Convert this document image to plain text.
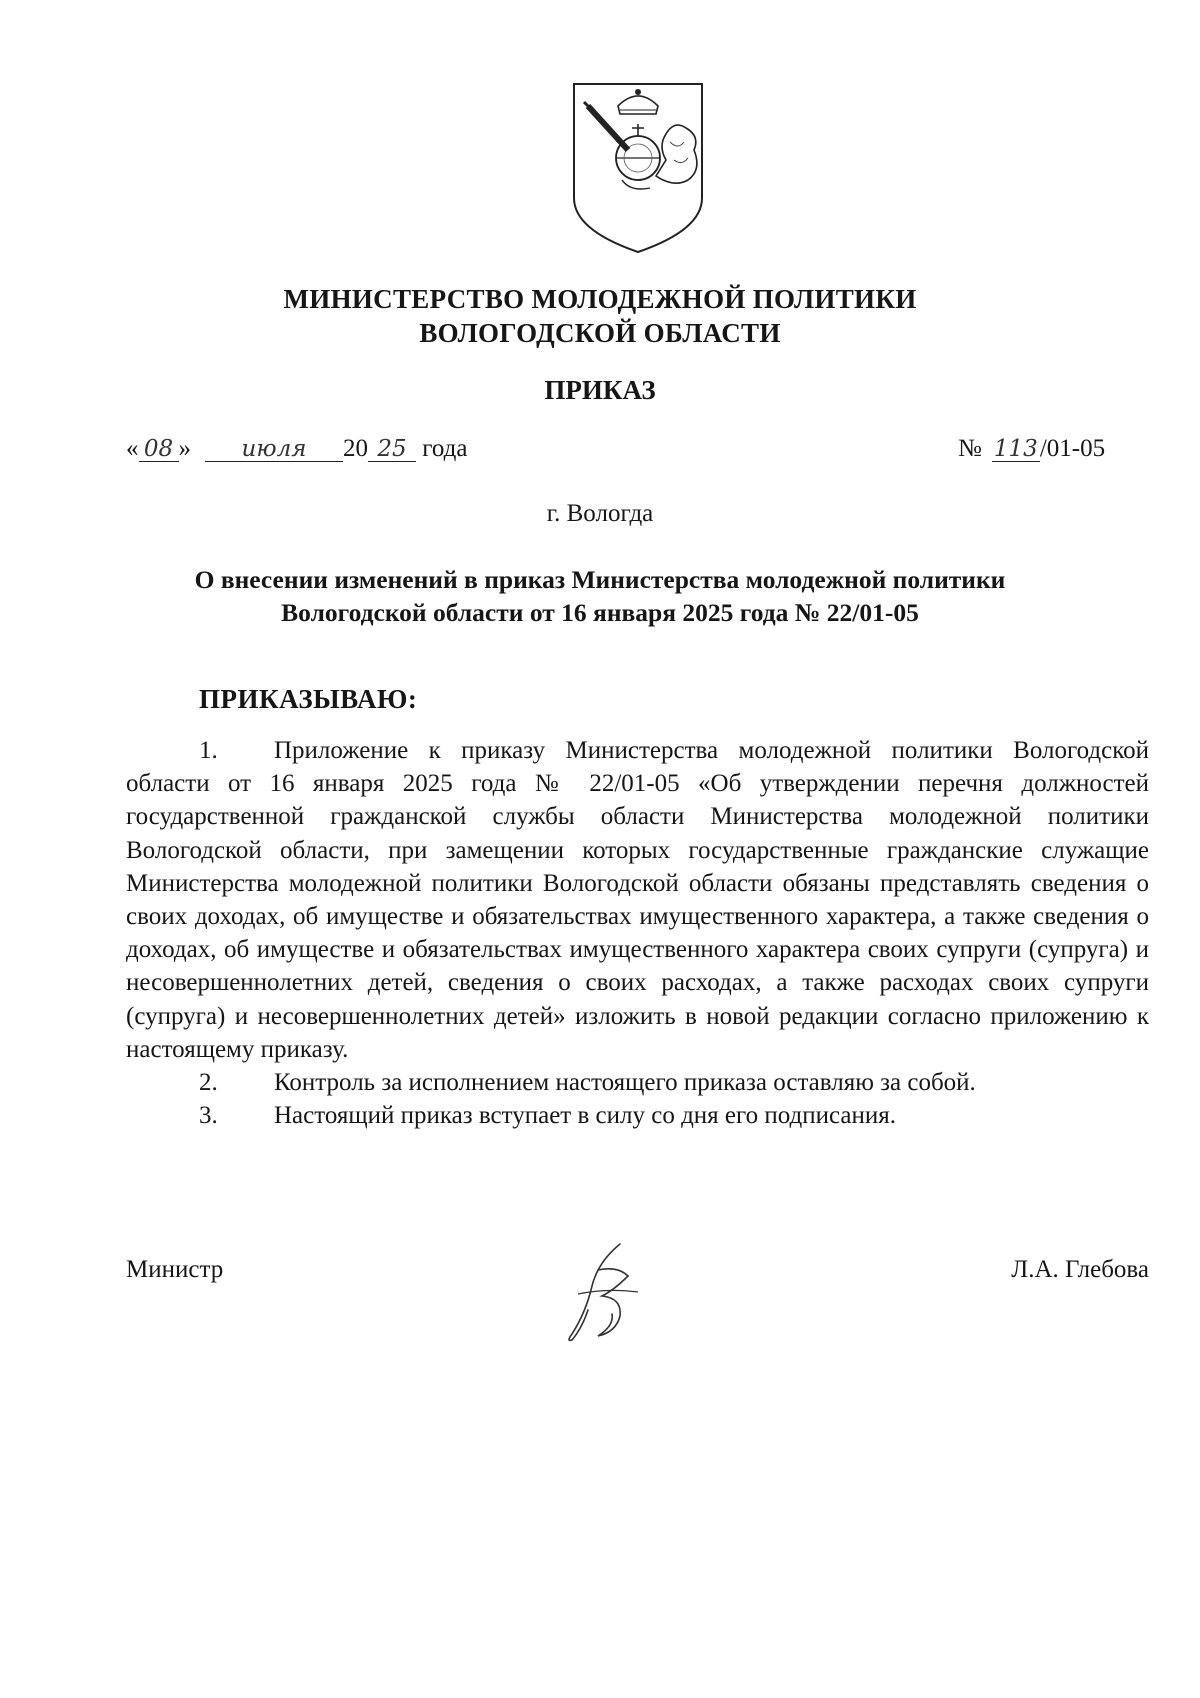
МИНИСТЕРСТВО МОЛОДЕЖНОЙ ПОЛИТИКИ
ВОЛОГОДСКОЙ ОБЛАСТИ
ПРИКАЗ
« 08 » июля 20 25 года	№ 113/01-05
г. Вологда
О внесении изменений в приказ Министерства молодежной политики
Вологодской области от 16 января 2025 года № 22/01-05
ПРИКАЗЫВАЮ:

1. Приложение к приказу Министерства молодежной политики Вологодской области от 16 января 2025 года № 22/01-05 «Об утверждении перечня должностей государственной гражданской службы области Министерства молодежной политики Вологодской области, при замещении которых государственные гражданские служащие Министерства молодежной политики Вологодской области обязаны представлять сведения о своих доходах, об имуществе и обязательствах имущественного характера, а также сведения о доходах, об имуществе и обязательствах имущественного характера своих супруги (супруга) и несовершеннолетних детей, сведения о своих расходах, а также расходах своих супруги (супруга) и несовершеннолетних детей» изложить в новой редакции согласно приложению к настоящему приказу.

2. Контроль за исполнением настоящего приказа оставляю за собой.

3. Настоящий приказ вступает в силу со дня его подписания.

Министр	Л.А. Глебова
